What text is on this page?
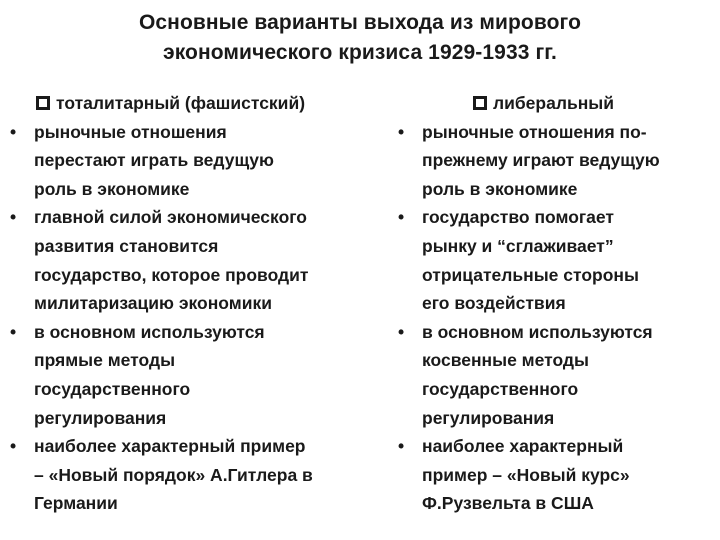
Основные варианты выхода из мирового
экономического кризиса 1929-1933 гг.
тоталитарный (фашистский)
•	рыночные отношения
перестают играть ведущую
роль в экономике
•	главной силой экономического
развития становится
государство, которое проводит
милитаризацию экономики
•	в основном используются
прямые методы
государственного
регулирования
•	наиболее характерный пример
– «Новый порядок» А.Гитлера в
Германии
либеральный
•	рыночные отношения по-
прежнему играют ведущую
роль в экономике
•	государство помогает
рынку и “сглаживает”
отрицательные стороны
его воздействия
•	в основном используются
косвенные методы
государственного
регулирования
•	наиболее характерный
пример – «Новый курс»
Ф.Рузвельта в США
